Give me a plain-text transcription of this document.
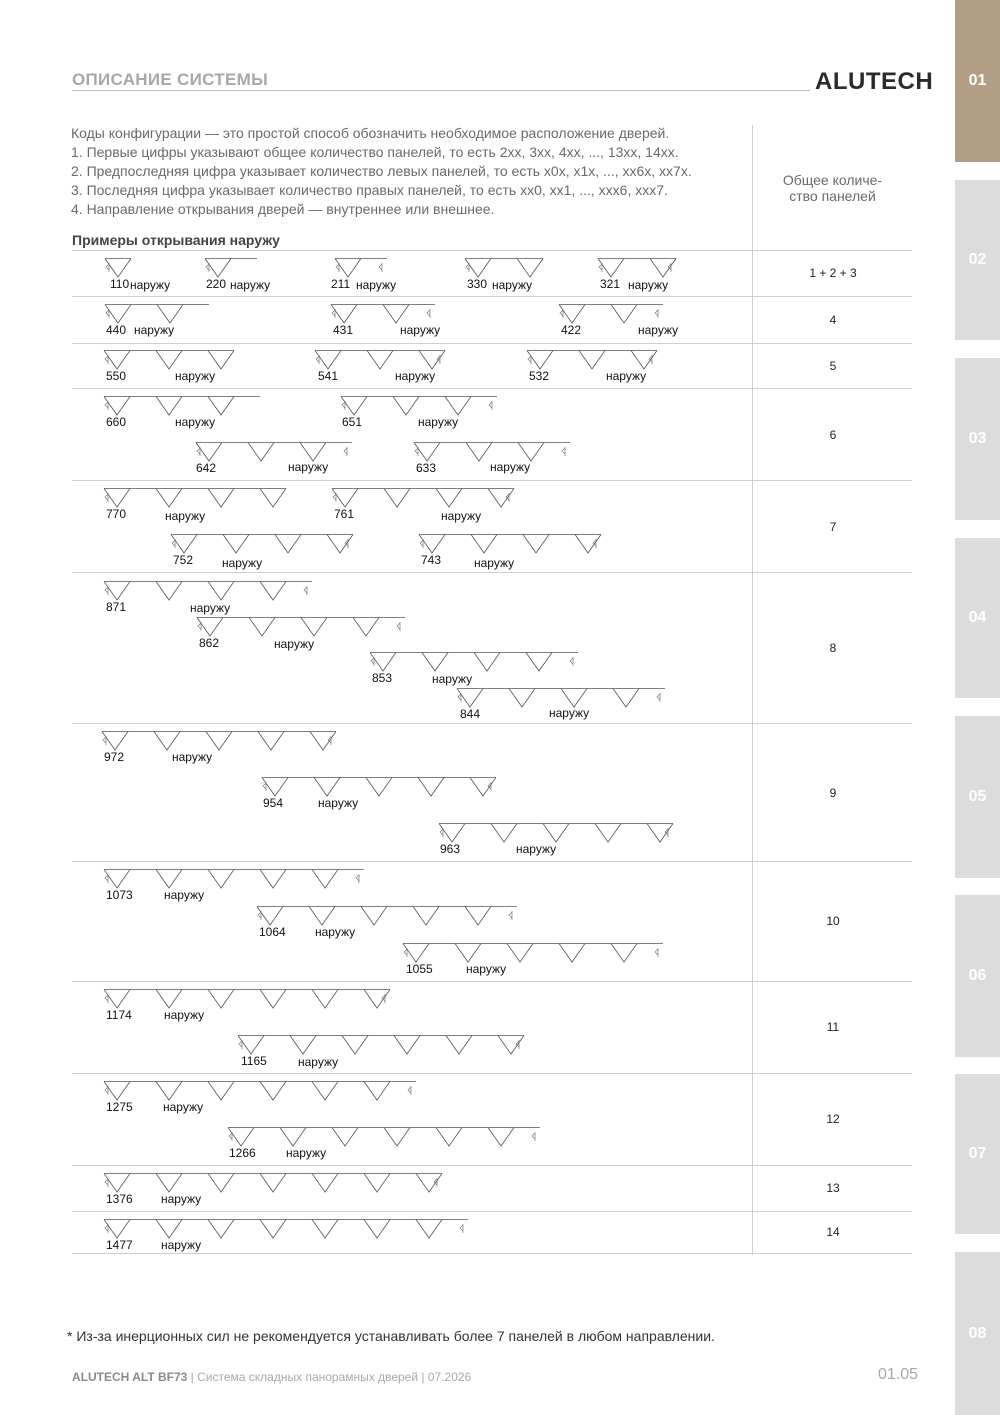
01
02
03
04
05
06
07
08
ОПИСАНИЕ СИСТЕМЫ	ALUTECH
Коды конфигурации — это простой способ обозначить необходимое расположение дверей.
1. Первые цифры указывают общее количество панелей, то есть 2хх, 3хх, 4хх, ..., 13хх, 14хх.
2. Предпоследняя цифра указывает количество левых панелей, то есть х0х, х1х, ..., хх6х, хх7х.
3. Последняя цифра указывает количество правых панелей, то есть хх0, хх1, ..., ххх6, ххх7.
4. Направление открывания дверей — внутреннее или внешнее.
Общее количе-
ство панелей
Примеры открывания наружу
1 + 2 + 3
110 наружу	220 наружу	211 наружу	330 наружу	321 наружу
4
440 наружу	431	наружу	422	наружу
5
550	наружу	541	наружу	532	наружу
6
660	наружу	651	наружу
642	наружу	633	наружу
7
770	наружу	761	наружу
752 наружу	743	наружу
8
871	наружу
862	наружу
853	наружу
844	наружу
9
972	наружу
954	наружу
963	наружу
10
1073	наружу
1064 наружу
1055	наружу
11
1174	наружу
1165	наружу
12
1275	наружу
1266	наружу
13
1376 наружу
14
1477 наружу
* Из-за инерционных сил не рекомендуется устанавливать более 7 панелей в любом направлении.
ALUTECH ALT BF73 | Система складных панорамных дверей | 07.2026	01.05
